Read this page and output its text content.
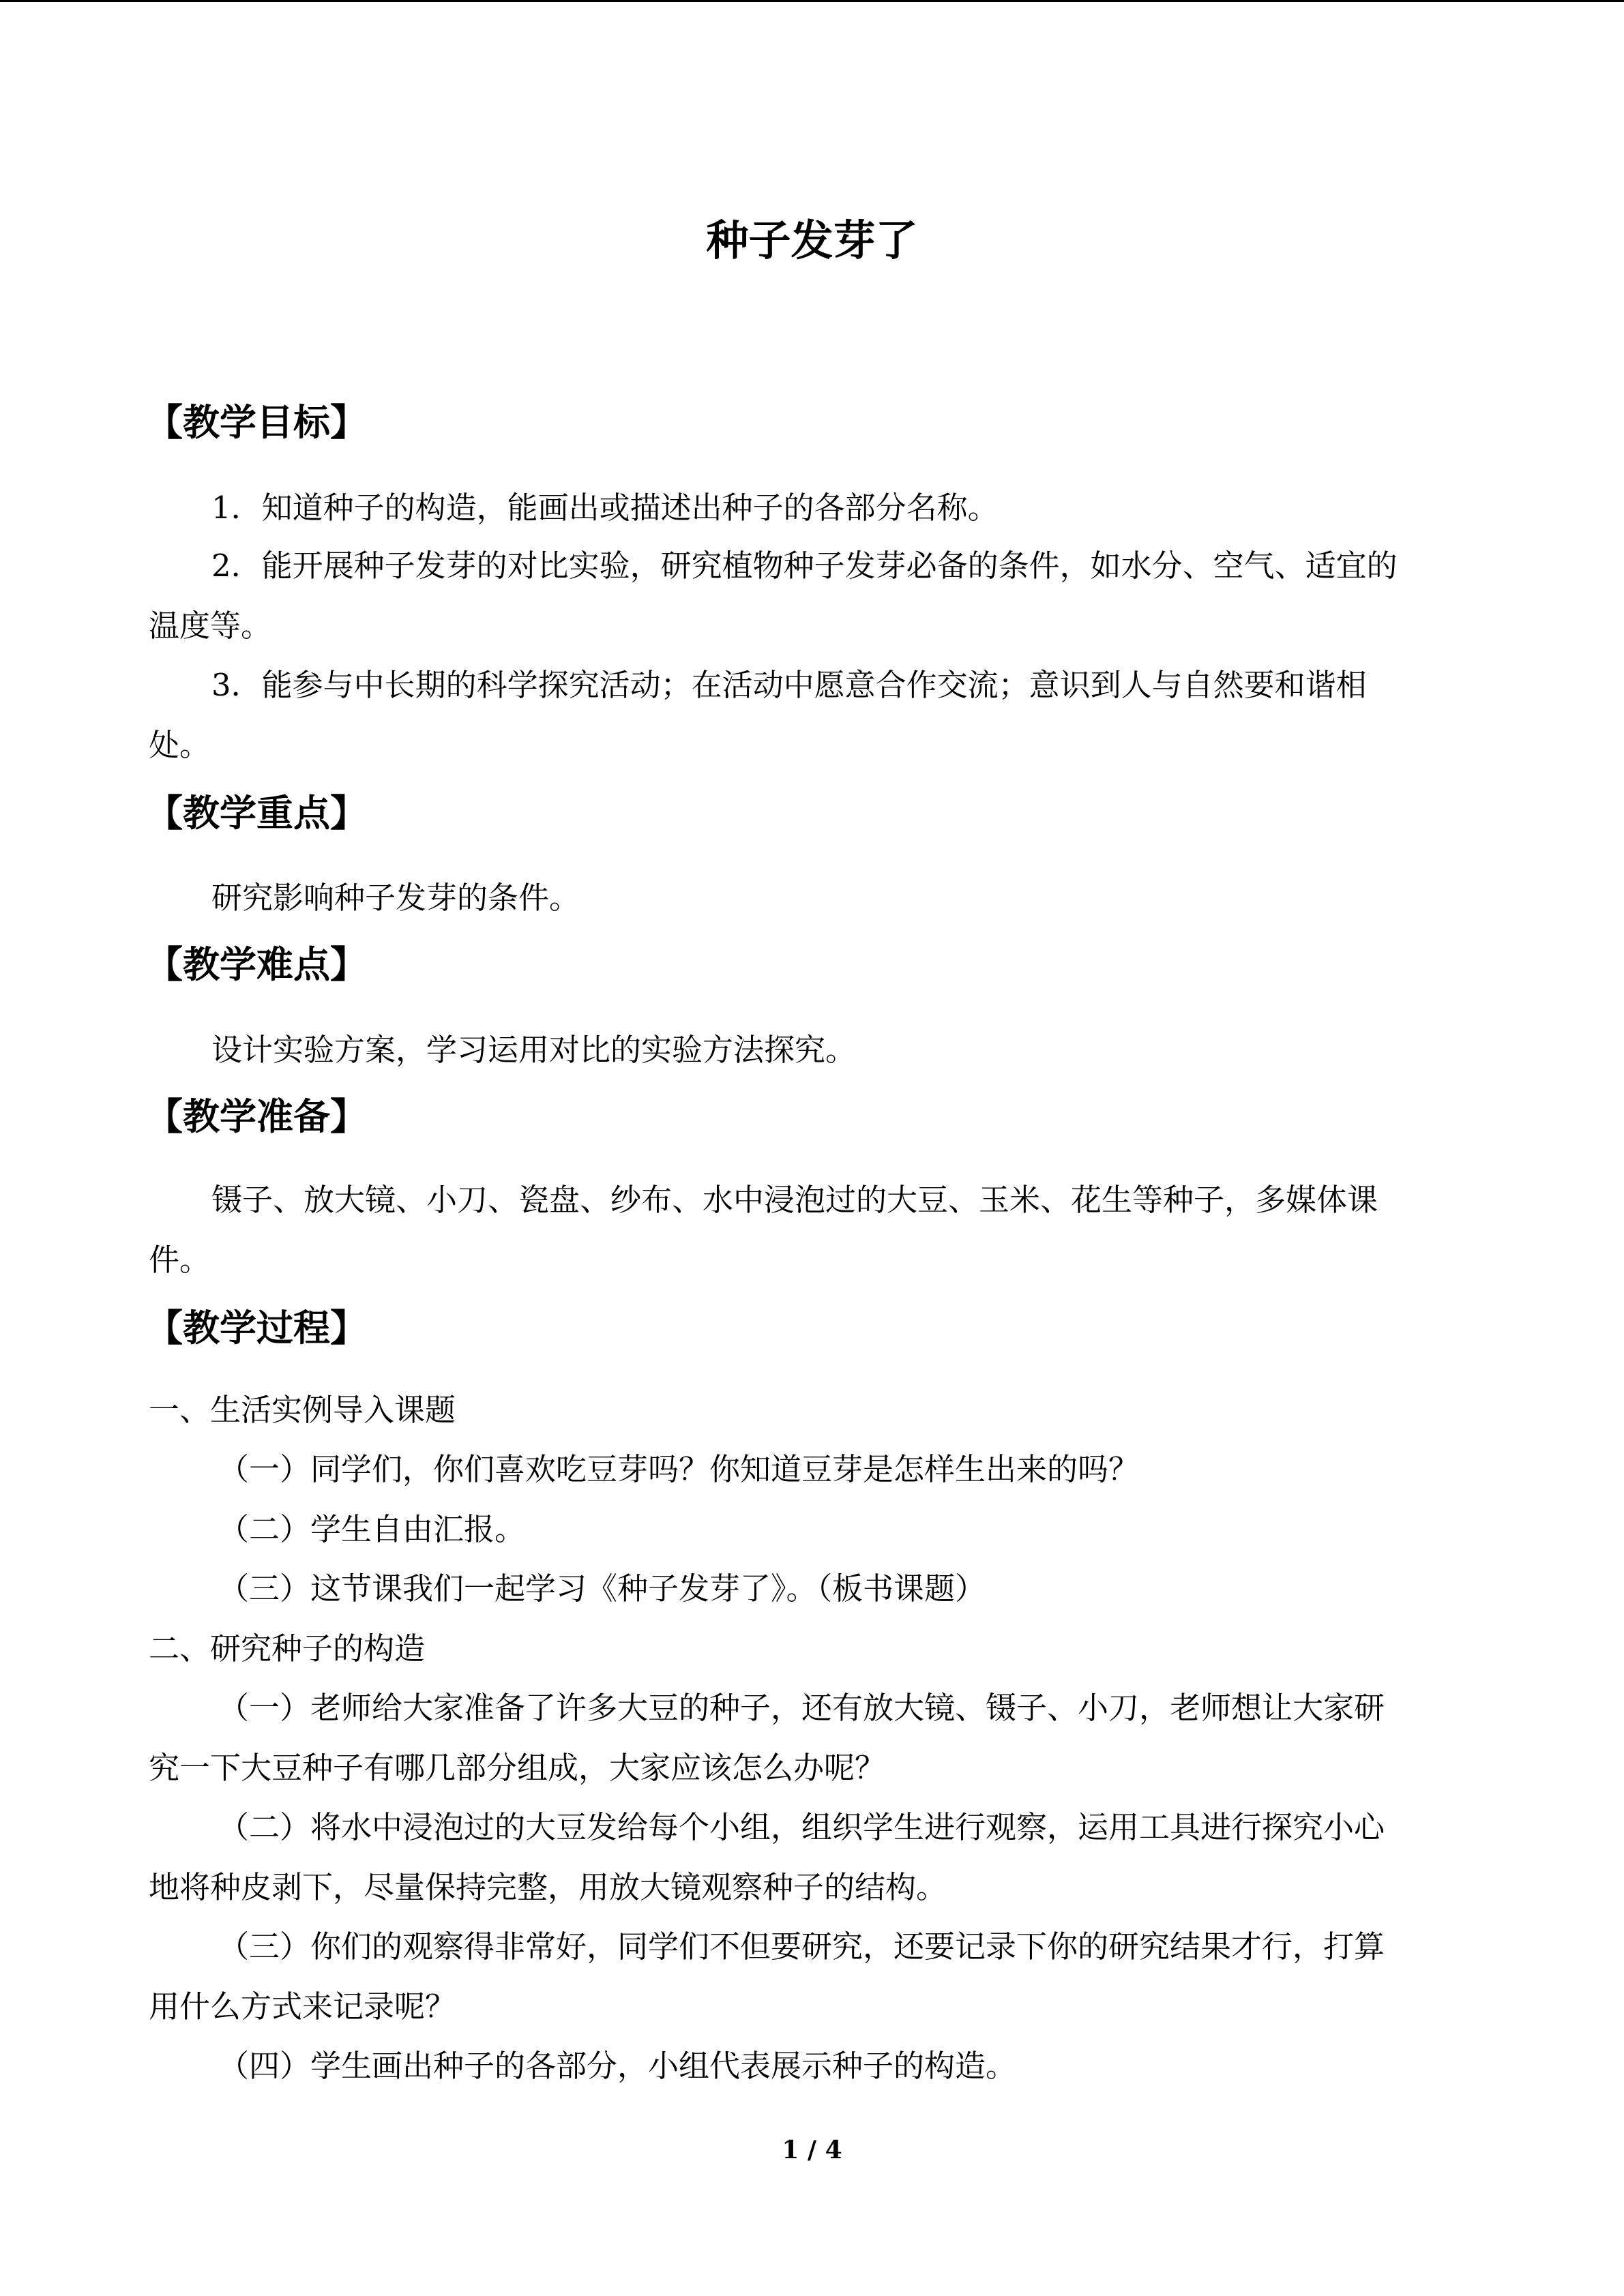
种子发芽了
【教学目标】

1．知道种子的构造，能画出或描述出种子的各部分名称。

2．能开展种子发芽的对比实验，研究植物种子发芽必备的条件，如水分、空气、适宜的

温度等。

3．能参与中长期的科学探究活动；在活动中愿意合作交流；意识到人与自然要和谐相

处。

【教学重点】

研究影响种子发芽的条件。

【教学难点】

设计实验方案，学习运用对比的实验方法探究。

【教学准备】

镊子、放大镜、小刀、瓷盘、纱布、水中浸泡过的大豆、玉米、花生等种子，多媒体课

件。

【教学过程】

一、生活实例导入课题

（一）同学们，你们喜欢吃豆芽吗？你知道豆芽是怎样生出来的吗？

（二）学生自由汇报。

（三）这节课我们一起学习《种子发芽了》。（板书课题）

二、研究种子的构造

（一）老师给大家准备了许多大豆的种子，还有放大镜、镊子、小刀，老师想让大家研

究一下大豆种子有哪几部分组成，大家应该怎么办呢？

（二）将水中浸泡过的大豆发给每个小组，组织学生进行观察，运用工具进行探究小心

地将种皮剥下，尽量保持完整，用放大镜观察种子的结构。

（三）你们的观察得非常好，同学们不但要研究，还要记录下你的研究结果才行，打算

用什么方式来记录呢？

（四）学生画出种子的各部分，小组代表展示种子的构造。

1 / 4
